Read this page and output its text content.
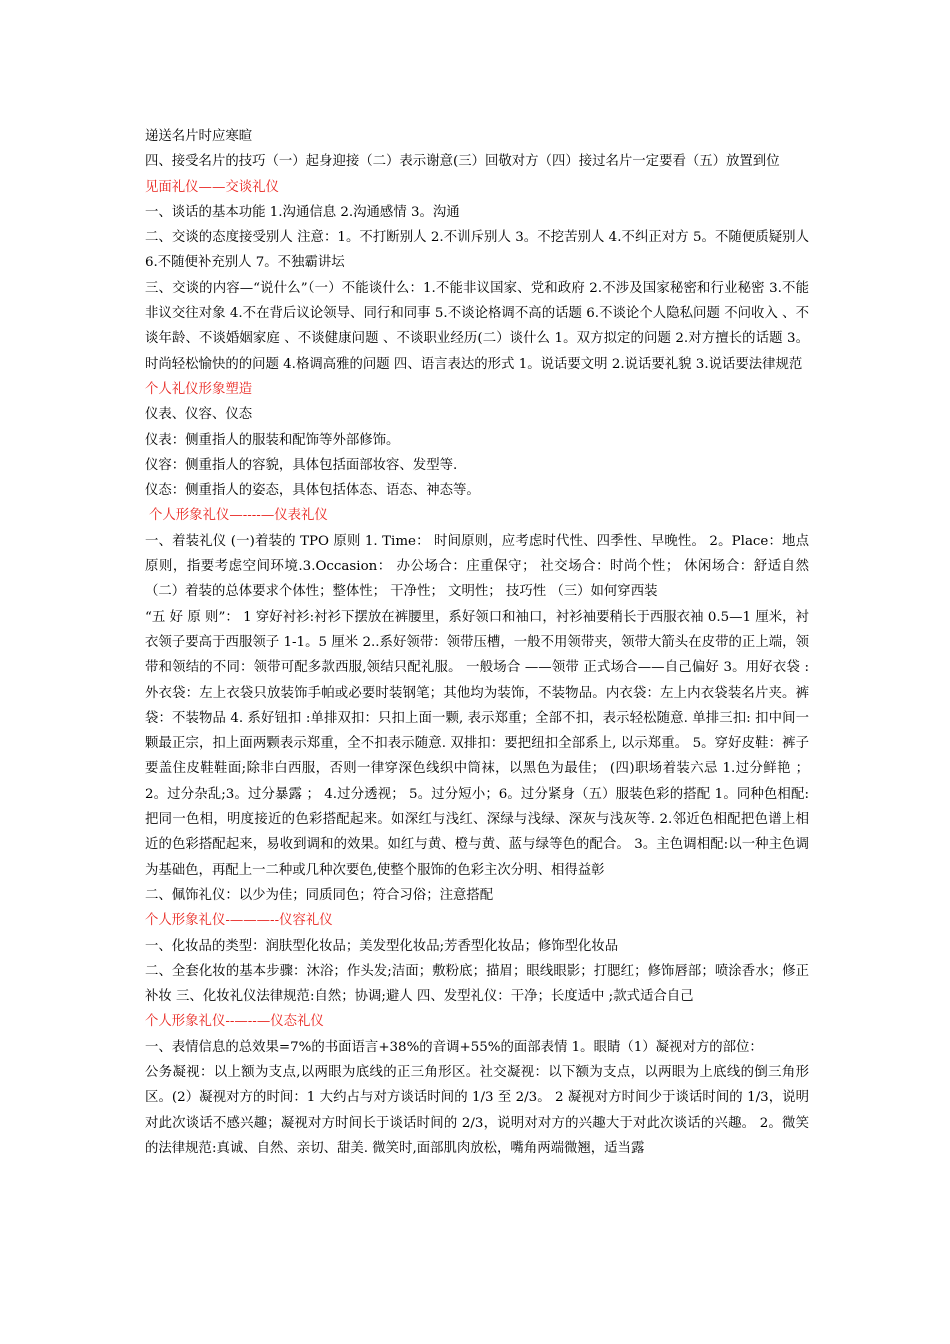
递送名片时应寒暄

四、接受名片的技巧（一）起身迎接（二）表示谢意(三）回敬对方（四）接过名片一定要看（五）放置到位

见面礼仪——交谈礼仪

一、谈话的基本功能 1.沟通信息 2.沟通感情 3。沟通

二、交谈的态度接受别人 注意：1。不打断别人 2.不训斥别人 3。不挖苦别人 4.不纠正对方 5。不随便质疑别人 6.不随便补充别人 7。不独霸讲坛

三、交谈的内容—“说什么”（一）不能谈什么：1.不能非议国家、党和政府 2.不涉及国家秘密和行业秘密 3.不能非议交往对象 4.不在背后议论领导、同行和同事 5.不谈论格调不高的话题 6.不谈论个人隐私问题 不问收入 、不谈年龄、不谈婚姻家庭 、不谈健康问题 、不谈职业经历(二）谈什么 1。双方拟定的问题 2.对方擅长的话题 3。时尚轻松愉快的的问题 4.格调高雅的问题 四、语言表达的形式 1。说话要文明 2.说话要礼貌 3.说话要法律规范

个人礼仪形象塑造

仪表、仪容、仪态

仪表：侧重指人的服装和配饰等外部修饰。

仪容：侧重指人的容貌，具体包括面部妆容、发型等.

仪态：侧重指人的姿态，具体包括体态、语态、神态等。

个人形象礼仪—----—仪表礼仪

一、着装礼仪 (一)着装的 TPO 原则 1. Time： 时间原则，应考虑时代性、四季性、早晚性。 2。Place：地点原则，指要考虑空间环境.3.Occasion： 办公场合：庄重保守； 社交场合：时尚个性； 休闲场合：舒适自然（二）着装的总体要求个体性；整体性； 干净性； 文明性； 技巧性 （三）如何穿西装

“五 好 原 则”： 1 穿好衬衫:衬衫下摆放在裤腰里，系好领口和袖口，衬衫袖要稍长于西服衣袖 0.5—1 厘米，衬衣领子要高于西服领子 1-1。5 厘米 2..系好领带：领带压槽，一般不用领带夹，领带大箭头在皮带的正上端，领带和领结的不同：领带可配多款西服,领结只配礼服。 一般场合 ——领带 正式场合——自己偏好 3。用好衣袋 :外衣袋：左上衣袋只放装饰手帕或必要时装钢笔；其他均为装饰，不装物品。内衣袋：左上内衣袋装名片夹。裤袋：不装物品 4. 系好钮扣 :单排双扣：只扣上面一颗, 表示郑重；全部不扣，表示轻松随意. 单排三扣: 扣中间一颗最正宗，扣上面两颗表示郑重，全不扣表示随意. 双排扣：要把纽扣全部系上, 以示郑重。 5。穿好皮鞋：裤子要盖住皮鞋鞋面;除非白西服，否则一律穿深色线织中筒袜，以黑色为最佳； (四)职场着装六忌 1.过分鲜艳 ；2。过分杂乱;3。过分暴露 ； 4.过分透视； 5。过分短小；6。过分紧身（五）服装色彩的搭配 1。同种色相配:把同一色相，明度接近的色彩搭配起来。如深红与浅红、深绿与浅绿、深灰与浅灰等. 2.邻近色相配把色谱上相近的色彩搭配起来，易收到调和的效果。如红与黄、橙与黄、蓝与绿等色的配合。 3。主色调相配:以一种主色调为基础色，再配上一二种或几种次要色,使整个服饰的色彩主次分明、相得益彰

二、佩饰礼仪：以少为佳；同质同色；符合习俗；注意搭配

个人形象礼仪-———--仪容礼仪

一、化妆品的类型：润肤型化妆品；美发型化妆品;芳香型化妆品；修饰型化妆品

二、全套化妆的基本步骤：沐浴；作头发;洁面；敷粉底；描眉；眼线眼影；打腮红；修饰唇部；喷涂香水；修正补妆 三、化妆礼仪法律规范:自然；协调;避人 四、发型礼仪：干净；长度适中 ;款式适合自己

个人形象礼仪--—--—仪态礼仪

一、表情信息的总效果=7%的书面语言+38%的音调+55%的面部表情 1。眼睛（1）凝视对方的部位：

公务凝视：以上额为支点,以两眼为底线的正三角形区。社交凝视：以下额为支点，以两眼为上底线的倒三角形区。(2）凝视对方的时间：1 大约占与对方谈话时间的 1/3 至 2/3。 2 凝视对方时间少于谈话时间的 1/3，说明对此次谈话不感兴趣；凝视对方时间长于谈话时间的 2/3，说明对对方的兴趣大于对此次谈话的兴趣。 2。微笑的法律规范:真诚、自然、亲切、甜美. 微笑时,面部肌肉放松，嘴角两端微翘，适当露
